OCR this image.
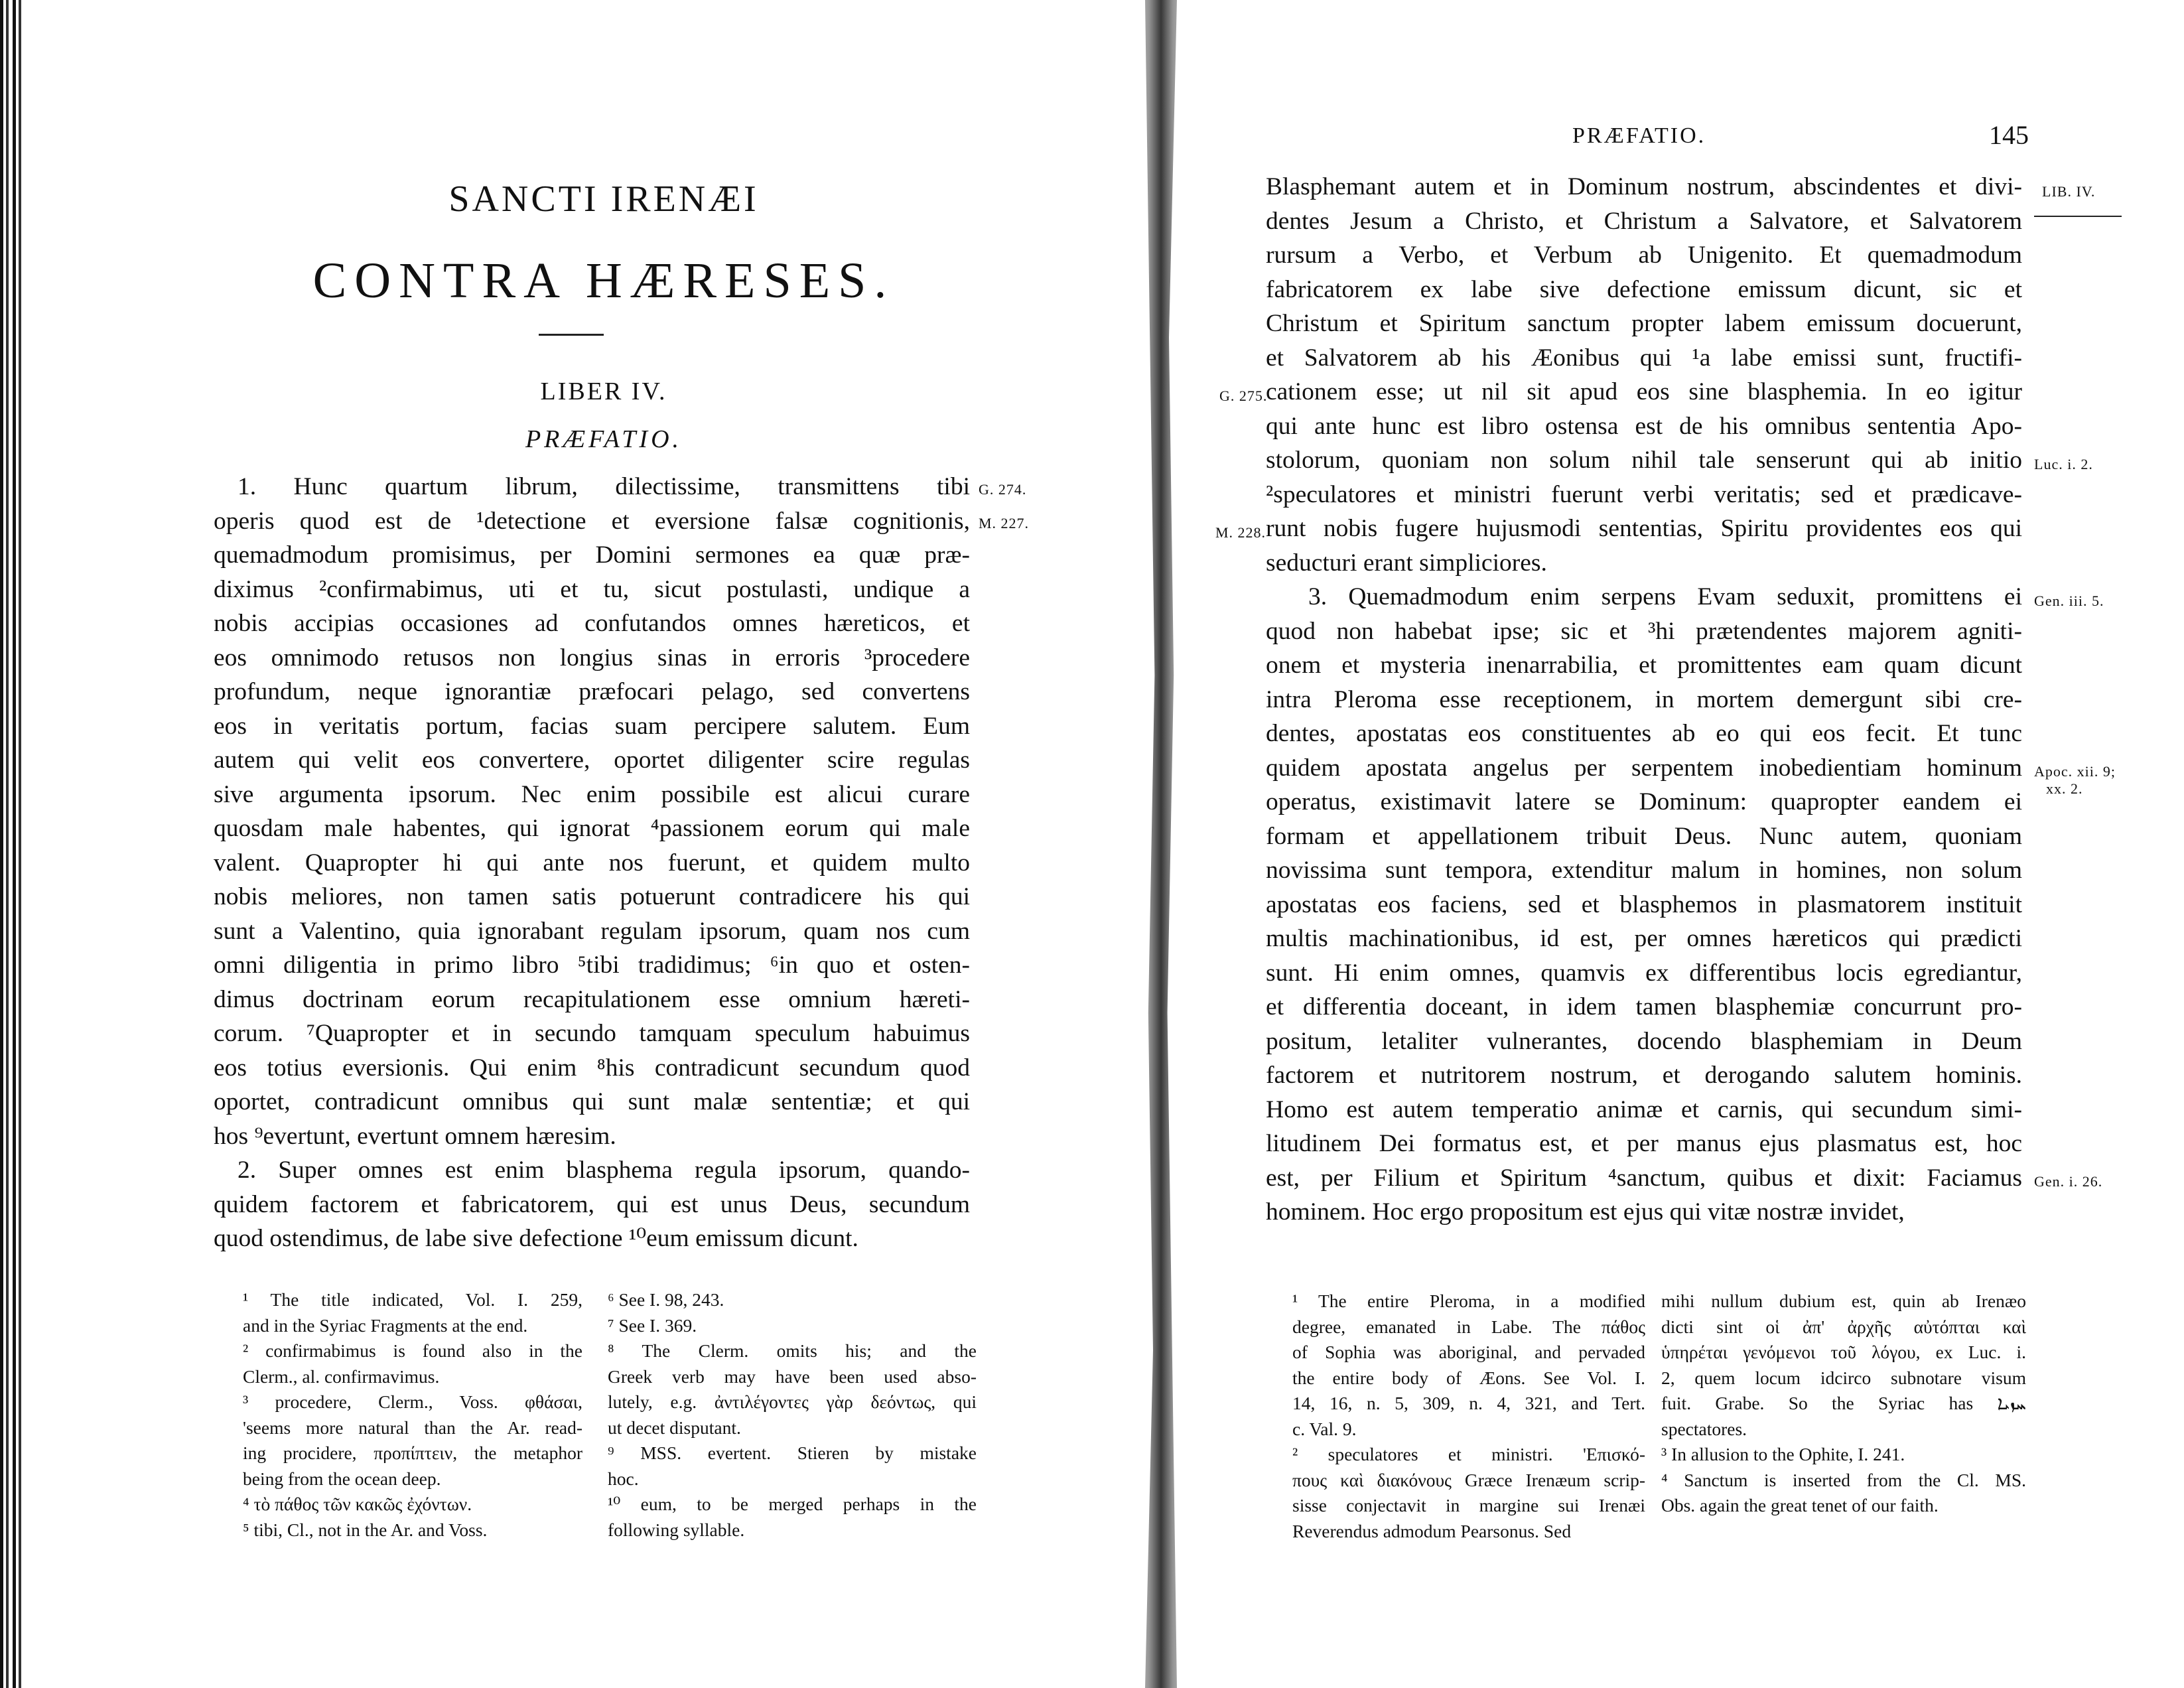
SANCTI IRENÆI
CONTRA HÆRESES.
LIBER IV.
PRÆFATIO.

1. Hunc quartum librum, dilectissime, transmittens tibi

operis quod est de ¹detectione et eversione falsæ cognitionis,

quemadmodum promisimus, per Domini sermones ea quæ præ-

diximus ²confirmabimus, uti et tu, sicut postulasti, undique a

nobis accipias occasiones ad confutandos omnes hæreticos, et

eos omnimodo retusos non longius sinas in erroris ³procedere

profundum, neque ignorantiæ præfocari pelago, sed convertens

eos in veritatis portum, facias suam percipere salutem. Eum

autem qui velit eos convertere, oportet diligenter scire regulas

sive argumenta ipsorum. Nec enim possibile est alicui curare

quosdam male habentes, qui ignorat ⁴passionem eorum qui male

valent. Quapropter hi qui ante nos fuerunt, et quidem multo

nobis meliores, non tamen satis potuerunt contradicere his qui

sunt a Valentino, quia ignorabant regulam ipsorum, quam nos cum

omni diligentia in primo libro ⁵tibi tradidimus; ⁶in quo et osten-

dimus doctrinam eorum recapitulationem esse omnium hæreti-

corum. ⁷Quapropter et in secundo tamquam speculum habuimus

eos totius eversionis. Qui enim ⁸his contradicunt secundum quod

oportet, contradicunt omnibus qui sunt malæ sententiæ; et qui

hos ⁹evertunt, evertunt omnem hæresim.

2. Super omnes est enim blasphema regula ipsorum, quando-

quidem factorem et fabricatorem, qui est unus Deus, secundum

quod ostendimus, de labe sive defectione ¹⁰eum emissum dicunt.

G. 274.
M. 227.

¹ The title indicated, Vol. I. 259,

and in the Syriac Fragments at the end.

² confirmabimus is found also in the

Clerm., al. confirmavimus.

³ procedere, Clerm., Voss. φθάσαι,

'seems more natural than the Ar. read-

ing procidere, προπίπτειν, the metaphor

being from the ocean deep.

⁴ τὸ πάθος τῶν κακῶς ἐχόντων.

⁵ tibi, Cl., not in the Ar. and Voss.

⁶ See I. 98, 243.

⁷ See I. 369.

⁸ The Clerm. omits his; and the

Greek verb may have been used abso-

lutely, e.g. ἀντιλέγοντες γὰρ δεόντως, qui

ut decet disputant.

⁹ MSS. evertent. Stieren by mistake

hoc.

¹⁰ eum, to be merged perhaps in the

following syllable.

PRÆFATIO.	145

Blasphemant autem et in Dominum nostrum, abscindentes et divi-

dentes Jesum a Christo, et Christum a Salvatore, et Salvatorem

rursum a Verbo, et Verbum ab Unigenito. Et quemadmodum

fabricatorem ex labe sive defectione emissum dicunt, sic et

Christum et Spiritum sanctum propter labem emissum docuerunt,

et Salvatorem ab his Æonibus qui ¹a labe emissi sunt, fructifi-

cationem esse; ut nil sit apud eos sine blasphemia. In eo igitur

qui ante hunc est libro ostensa est de his omnibus sententia Apo-

stolorum, quoniam non solum nihil tale senserunt qui ab initio

²speculatores et ministri fuerunt verbi veritatis; sed et prædicave-

runt nobis fugere hujusmodi sententias, Spiritu providentes eos qui

seducturi erant simpliciores.

3. Quemadmodum enim serpens Evam seduxit, promittens ei

quod non habebat ipse; sic et ³hi prætendentes majorem agniti-

onem et mysteria inenarrabilia, et promittentes eam quam dicunt

intra Pleroma esse receptionem, in mortem demergunt sibi cre-

dentes, apostatas eos constituentes ab eo qui eos fecit. Et tunc

quidem apostata angelus per serpentem inobedientiam hominum

operatus, existimavit latere se Dominum: quapropter eandem ei

formam et appellationem tribuit Deus. Nunc autem, quoniam

novissima sunt tempora, extenditur malum in homines, non solum

apostatas eos faciens, sed et blasphemos in plasmatorem instituit

multis machinationibus, id est, per omnes hæreticos qui prædicti

sunt. Hi enim omnes, quamvis ex differentibus locis egrediantur,

et differentia doceant, in idem tamen blasphemiæ concurrunt pro-

positum, letaliter vulnerantes, docendo blasphemiam in Deum

factorem et nutritorem nostrum, et derogando salutem hominis.

Homo est autem temperatio animæ et carnis, qui secundum simi-

litudinem Dei formatus est, et per manus ejus plasmatus est, hoc

est, per Filium et Spiritum ⁴sanctum, quibus et dixit: Faciamus

hominem. Hoc ergo propositum est ejus qui vitæ nostræ invidet,

LIB. IV.
G. 275.
Luc. i. 2.
M. 228.
Gen. iii. 5.
Apoc. xii. 9;
xx. 2.
Gen. i. 26.

¹ The entire Pleroma, in a modified

degree, emanated in Labe. The πάθος

of Sophia was aboriginal, and pervaded

the entire body of Æons. See Vol. I.

14, 16, n. 5, 309, n. 4, 321, and Tert.

c. Val. 9.

² speculatores et ministri. 'Επισκό-

πους καὶ διακόνους Græce Irenæum scrip-

sisse conjectavit in margine sui Irenæi

Reverendus admodum Pearsonus. Sed

mihi nullum dubium est, quin ab Irenæo

dicti sint οἱ ἀπ' ἀρχῆς αὐτόπται καὶ

ὑπηρέται γενόμενοι τοῦ λόγου, ex Luc. i.

2, quem locum idcirco subnotare visum

fuit. Grabe. So the Syriac has ܚܙܝܐ

spectatores.

³ In allusion to the Ophite, I. 241.

⁴ Sanctum is inserted from the Cl. MS.

Obs. again the great tenet of our faith.
